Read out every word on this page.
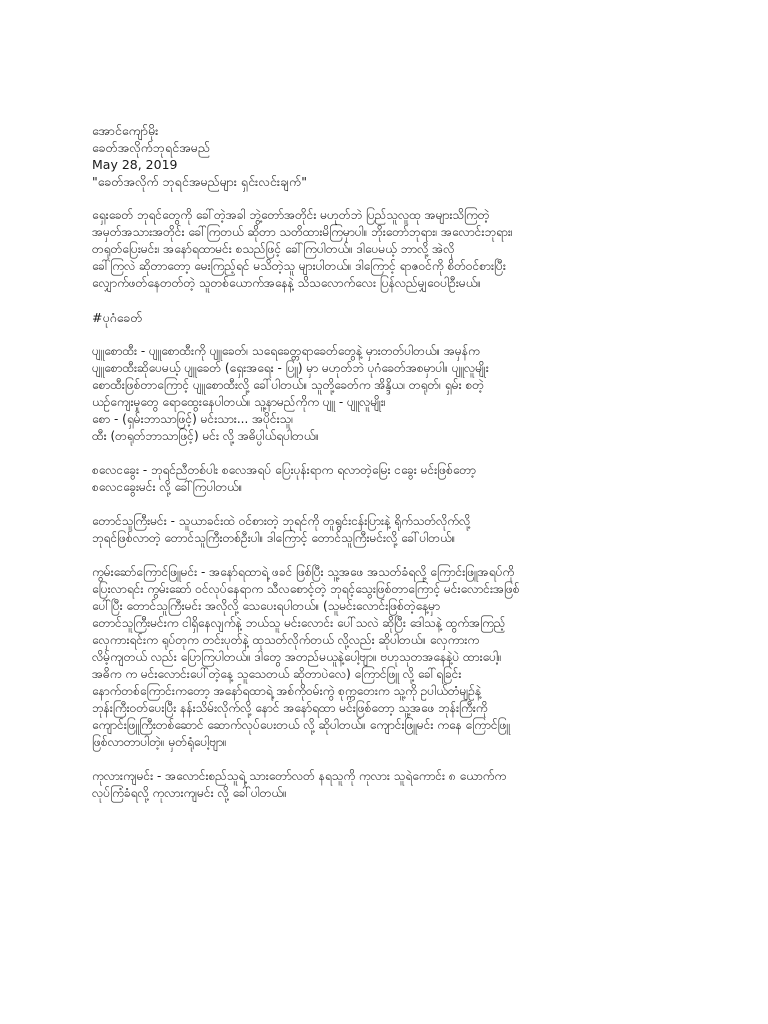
အောင်ကျော်မိုး

ခေတ်အလိုက်ဘုရင်အမည်

May 28, 2019

"ခေတ်အလိုက် ဘုရင်အမည်များ ရှင်းလင်းချက်"

ရှေးခေတ် ဘုရင်တွေကို ခေါ်တဲ့အခါ ဘွဲ့တော်အတိုင်း မဟုတ်ဘဲ ပြည်သူလူထု အများသိကြတဲ့
အမှတ်အသားအတိုင်း ခေါ်ကြတယ် ဆိုတာ သတိထားမိကြမှာပါ။ ဘိုးတော်ဘုရား၊ အလောင်းဘုရား၊
တရုတ်ပြေးမင်း၊ အနော်ရထာမင်း စသည်ဖြင့် ခေါ်ကြပါတယ်။ ဒါပေမယ့် ဘာလို့ အဲလို
ခေါ်ကြလဲ ဆိုတာတော့ မေးကြည့်ရင် မသိတဲ့သူ များပါတယ်။ ဒါကြောင့် ရာဇဝင်ကို စိတ်ဝင်စားပြီး
လျှောက်ဖတ်နေတတ်တဲ့ သူတစ်ယောက်အနေနဲ့ သိသလောက်လေး ပြန်လည်မျှဝေပါဦးမယ်။

#ပုဂံခေတ်

ပျူစောထီး - ပျူစောထီးကို ပျူခေတ်၊ သရေခေတ္တရာခေတ်တွေနဲ့ မှားတတ်ပါတယ်။ အမှန်က
ပျူစောထီးဆိုပေမယ့် ပျူခေတ် (ရှေးအရေး - ပြူ) မှာ မဟုတ်ဘဲ ပုဂံခေတ်အစမှာပါ။ ပျူလူမျိုး
စောထီးဖြစ်တာကြောင့် ပျူစောထီးလို့ ခေါ်ပါတယ်။ သူတို့ခေတ်က အိန္ဒိယ၊ တရုတ်၊ ရှမ်း စတဲ့
ယဉ်ကျေးမှုတွေ ရောထွေးနေပါတယ်။ သူ့နာမည်ကိုက ပျူ - ပျူလူမျိုး၊
စော - (ရှမ်းဘာသာဖြင့်) မင်းသား... အပိုင်းသူ၊
ထီး (တရုတ်ဘာသာဖြင့်) မင်း လို့ အဓိပ္ပါယ်ရပါတယ်။

စလေငခွေး - ဘုရင်ညီတစ်ပါး စလေအရပ် ပြေးပုန်းရာက ရလာတဲ့မြေး ငခွေး မင်းဖြစ်တော့
စလေငခွေးမင်း လို့ ခေါ်ကြပါတယ်။

တောင်သူကြီးမင်း - သူယာခင်းထဲ ဝင်စားတဲ့ ဘုရင်ကို တူရွင်းငန်းပြားနဲ့ ရိုက်သတ်လိုက်လို့
ဘုရင်ဖြစ်လာတဲ့ တောင်သူကြီးတစ်ဦးပါ။ ဒါကြောင့် တောင်သူကြီးမင်းလို့ ခေါ်ပါတယ်။

ကွမ်းဆော်ကြောင်ဖြူမင်း - အနော်ရထာရဲ့ ဖခင် ဖြစ်ပြီး သူ့အဖေ အသတ်ခံရလို့ ကြောင်းဖြူအရပ်ကို
ပြေးလာရင်း ကွမ်းဆော် ဝင်လုပ်နေရာက သီလစောင့်တဲ့ ဘုရင့်သွေးဖြစ်တာကြောင့် မင်းလောင်းအဖြစ်
ပေါ်ပြီး တောင်သူကြီးမင်း အလိုလို့ သေပေးရပါတယ်။ (သူမင်းလောင်းဖြစ်တဲ့နေ့မှာ
တောင်သူကြီးမင်းက ငါရှိနေလျက်နဲ့ ဘယ်သူ မင်းလောင်း ပေါ်သလဲ ဆိုပြီး ဒေါသနဲ့ ထွက်အကြည့်
လှေကားရင်းက ရုပ်တုက တင်းပုတ်နဲ့ ထုသတ်လိုက်တယ် လို့လည်း ဆိုပါတယ်။ လှေကားက
လိမ့်ကျတယ် လည်း ပြောကြပါတယ်။ ဒါတွေ အတည်မယူနဲ့ပေါ့ဗျာ။ ဗဟုသုတအနေနဲ့ပဲ ထားပေါ့။
အဓိက က မင်းလောင်းပေါ်တဲ့နေ့ သူသေတယ် ဆိုတာပဲလေ) ကြောင်ဖြူ လို့ ခေါ်ရခြင်း
နောက်တစ်ကြောင်းကတော့ အနော်ရထာရဲ့ အစ်ကိုဝမ်းကွဲ စုက္ကတေးက သူ့ကို ဥပါယ်တံမျဉ်နဲ့
ဘုန်းကြီးဝတ်ပေးပြီး နန်းသိမ်းလိုက်လို့ နောင် အနော်ရထာ မင်းဖြစ်တော့ သူ့အဖေ ဘုန်းကြီးကို
ကျောင်းဖြူကြီးတစ်ဆောင် ဆောက်လုပ်ပေးတယ် လို့ ဆိုပါတယ်။ ကျောင်းဖြူမင်း ကနေ ကြောင်ဖြူ
ဖြစ်လာတာပါတဲ့။ မှတ်ရုံပေါ့ဗျာ။

ကုလားကျမင်း - အလောင်းစည်သူရဲ့ သားတော်လတ် နရသူကို ကုလား သူရဲကောင်း ၈ ယောက်က
လုပ်ကြံခံရလို့ ကုလားကျမင်း လို့ ခေါ်ပါတယ်။
